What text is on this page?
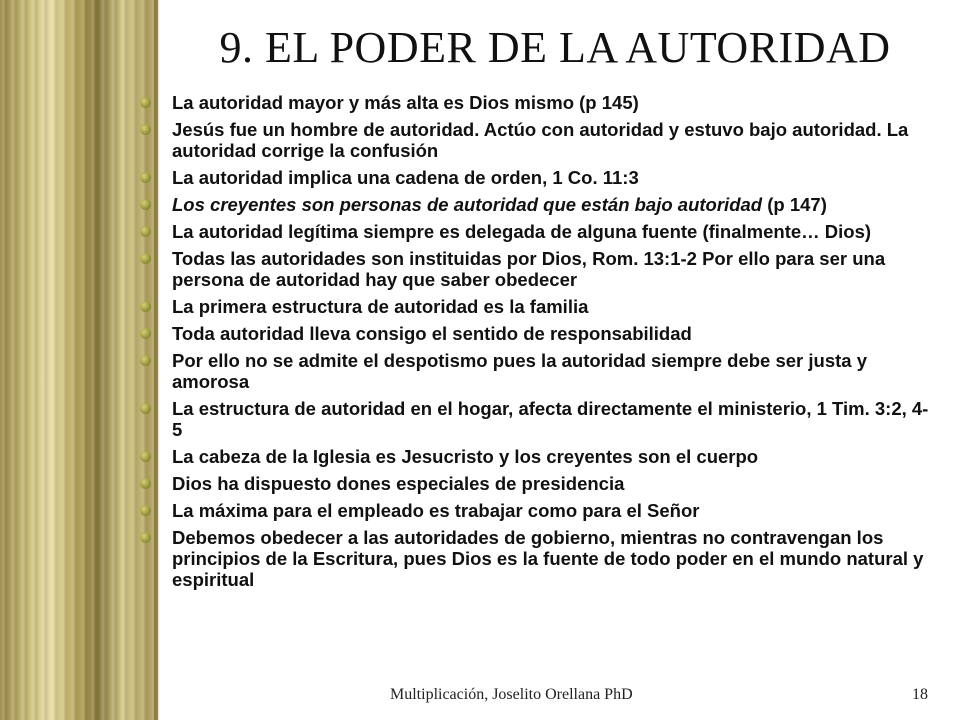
9. EL PODER DE LA AUTORIDAD
La autoridad mayor y más alta es Dios mismo (p 145)
Jesús fue un hombre de autoridad. Actúo con autoridad y estuvo bajo autoridad. La autoridad corrige la confusión
La autoridad implica una cadena de orden, 1 Co. 11:3
Los creyentes son personas de autoridad que están bajo autoridad (p 147)
La autoridad legítima siempre es delegada de alguna fuente (finalmente… Dios)
Todas las autoridades son instituidas por Dios, Rom. 13:1-2 Por ello para ser una persona de autoridad hay que saber obedecer
La primera estructura de autoridad es la familia
Toda autoridad lleva consigo el sentido de responsabilidad
Por ello no se admite el despotismo pues la autoridad siempre debe ser justa y amorosa
La estructura de autoridad en el hogar, afecta directamente el ministerio, 1 Tim. 3:2, 4-5
La cabeza de la Iglesia es Jesucristo y los creyentes son el cuerpo
Dios ha dispuesto dones especiales de presidencia
La máxima para el empleado es trabajar como para el Señor
Debemos obedecer a las autoridades de gobierno, mientras no contravengan los principios de la Escritura, pues Dios es la fuente de todo poder en el mundo natural y espiritual
Multiplicación, Joselito Orellana PhD	18
